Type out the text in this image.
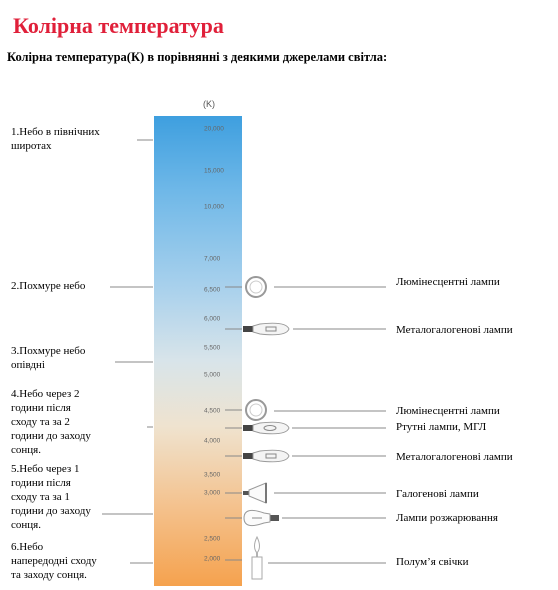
Колірна температура

Колірна температура(К) в порівнянні з деякими джерелами світла:

(K)
20,000
15,000
10,000
7,000
6,500
6,000
5,500
5,000
4,500
4,000
3,500
3,000
2,500
2,000
1.Небо в північних
широтах
2.Похмуре небо
3.Похмуре небо
опівдні
4.Небо через 2
години після
сходу та за 2
години до заходу
сонця.
5.Небо через 1
години після
сходу та за 1
години до заходу
сонця.
6.Небо
напередодні сходу
та заходу сонця.
Люмінесцентні лампи
Металогалогенові лампи
Люмінесцентні лампи
Ртутні лампи, МГЛ
Металогалогенові лампи
Галогенові лампи
Лампи розжарювання
Полум’я свічки
